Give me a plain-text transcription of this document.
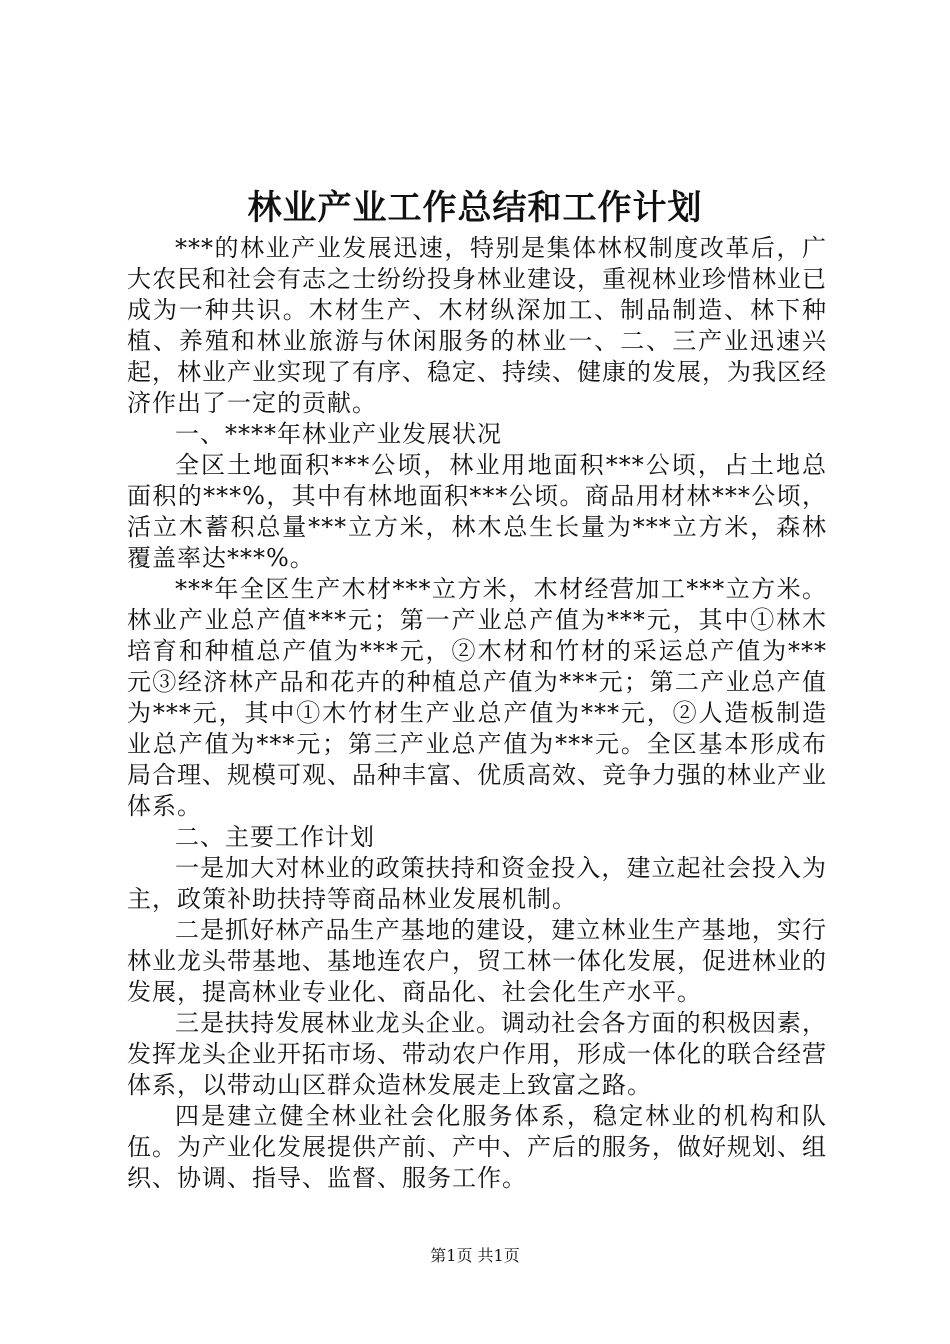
林业产业工作总结和工作计划

***的林业产业发展迅速，特别是集体林权制度改革后，广大农民和社会有志之士纷纷投身林业建设，重视林业珍惜林业已成为一种共识。木材生产、木材纵深加工、制品制造、林下种植、养殖和林业旅游与休闲服务的林业一、二、三产业迅速兴起，林业产业实现了有序、稳定、持续、健康的发展，为我区经济作出了一定的贡献。

一、****年林业产业发展状况

全区土地面积***公顷，林业用地面积***公顷，占土地总面积的***%，其中有林地面积***公顷。商品用材林***公顷，活立木蓄积总量***立方米，林木总生长量为***立方米，森林覆盖率达***%。

***年全区生产木材***立方米，木材经营加工***立方米。林业产业总产值***元；第一产业总产值为***元，其中①林木培育和种植总产值为***元，②木材和竹材的采运总产值为***元③经济林产品和花卉的种植总产值为***元；第二产业总产值为***元，其中①木竹材生产业总产值为***元，②人造板制造业总产值为***元；第三产业总产值为***元。全区基本形成布局合理、规模可观、品种丰富、优质高效、竞争力强的林业产业体系。

二、主要工作计划

一是加大对林业的政策扶持和资金投入，建立起社会投入为主，政策补助扶持等商品林业发展机制。

二是抓好林产品生产基地的建设，建立林业生产基地，实行林业龙头带基地、基地连农户，贸工林一体化发展，促进林业的发展，提高林业专业化、商品化、社会化生产水平。

三是扶持发展林业龙头企业。调动社会各方面的积极因素，发挥龙头企业开拓市场、带动农户作用，形成一体化的联合经营体系，以带动山区群众造林发展走上致富之路。

四是建立健全林业社会化服务体系，稳定林业的机构和队伍。为产业化发展提供产前、产中、产后的服务，做好规划、组织、协调、指导、监督、服务工作。

第1页 共1页
